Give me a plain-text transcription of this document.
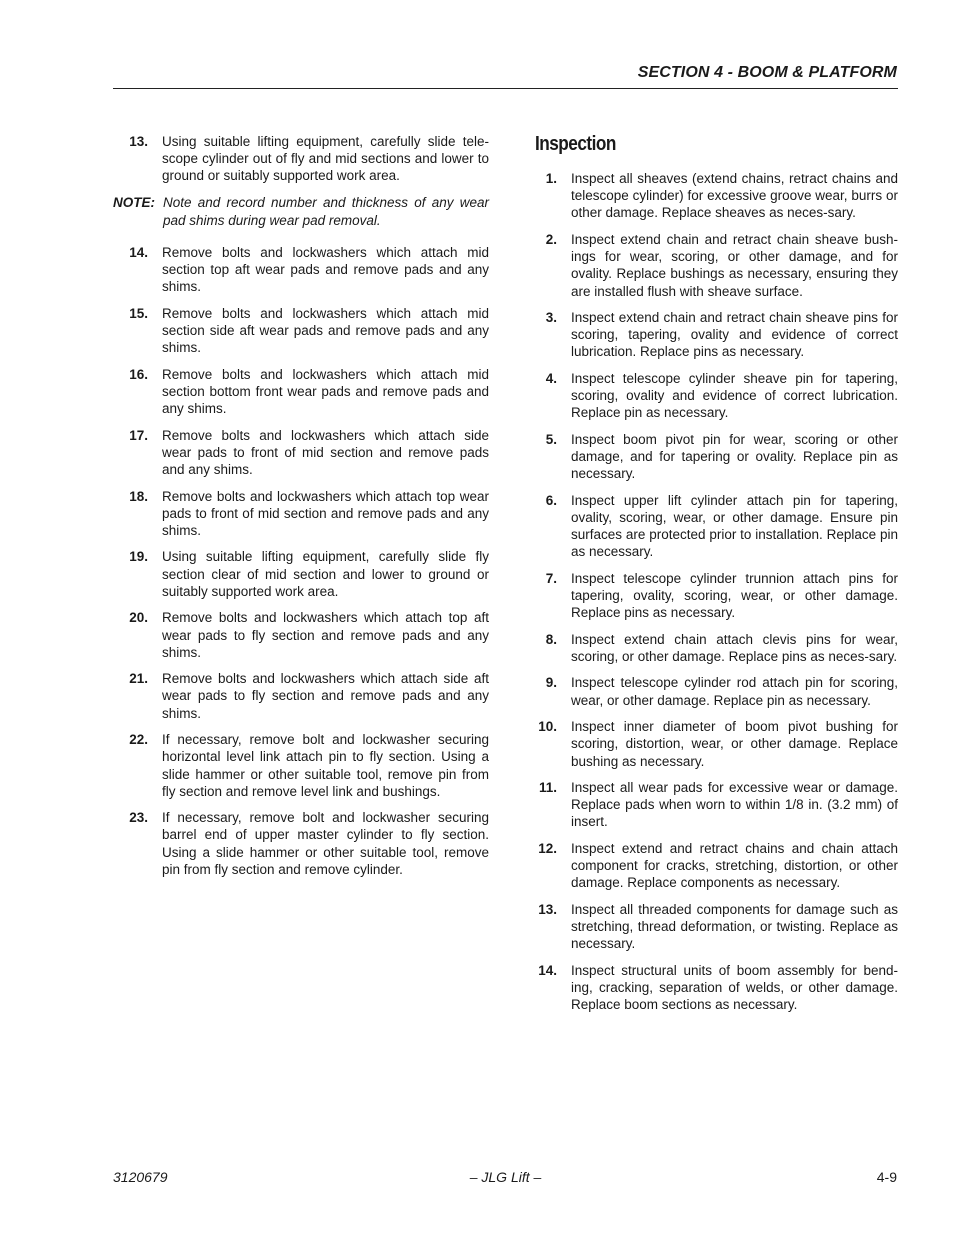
SECTION 4 - BOOM & PLATFORM
13. Using suitable lifting equipment, carefully slide tele-scope cylinder out of fly and mid sections and lower to ground or suitably supported work area.
NOTE: Note and record number and thickness of any wear pad shims during wear pad removal.
14. Remove bolts and lockwashers which attach mid section top aft wear pads and remove pads and any shims.
15. Remove bolts and lockwashers which attach mid section side aft wear pads and remove pads and any shims.
16. Remove bolts and lockwashers which attach mid section bottom front wear pads and remove pads and any shims.
17. Remove bolts and lockwashers which attach side wear pads to front of mid section and remove pads and any shims.
18. Remove bolts and lockwashers which attach top wear pads to front of mid section and remove pads and any shims.
19. Using suitable lifting equipment, carefully slide fly section clear of mid section and lower to ground or suitably supported work area.
20. Remove bolts and lockwashers which attach top aft wear pads to fly section and remove pads and any shims.
21. Remove bolts and lockwashers which attach side aft wear pads to fly section and remove pads and any shims.
22. If necessary, remove bolt and lockwasher securing horizontal level link attach pin to fly section. Using a slide hammer or other suitable tool, remove pin from fly section and remove level link and bushings.
23. If necessary, remove bolt and lockwasher securing barrel end of upper master cylinder to fly section. Using a slide hammer or other suitable tool, remove pin from fly section and remove cylinder.
Inspection
1. Inspect all sheaves (extend chains, retract chains and telescope cylinder) for excessive groove wear, burrs or other damage. Replace sheaves as neces-sary.
2. Inspect extend chain and retract chain sheave bush-ings for wear, scoring, or other damage, and for ovality. Replace bushings as necessary, ensuring they are installed flush with sheave surface.
3. Inspect extend chain and retract chain sheave pins for scoring, tapering, ovality and evidence of correct lubrication. Replace pins as necessary.
4. Inspect telescope cylinder sheave pin for tapering, scoring, ovality and evidence of correct lubrication. Replace pin as necessary.
5. Inspect boom pivot pin for wear, scoring or other damage, and for tapering or ovality. Replace pin as necessary.
6. Inspect upper lift cylinder attach pin for tapering, ovality, scoring, wear, or other damage. Ensure pin surfaces are protected prior to installation. Replace pin as necessary.
7. Inspect telescope cylinder trunnion attach pins for tapering, ovality, scoring, wear, or other damage. Replace pins as necessary.
8. Inspect extend chain attach clevis pins for wear, scoring, or other damage. Replace pins as neces-sary.
9. Inspect telescope cylinder rod attach pin for scoring, wear, or other damage. Replace pin as necessary.
10. Inspect inner diameter of boom pivot bushing for scoring, distortion, wear, or other damage. Replace bushing as necessary.
11. Inspect all wear pads for excessive wear or damage. Replace pads when worn to within 1/8 in. (3.2 mm) of insert.
12. Inspect extend and retract chains and chain attach component for cracks, stretching, distortion, or other damage. Replace components as necessary.
13. Inspect all threaded components for damage such as stretching, thread deformation, or twisting. Replace as necessary.
14. Inspect structural units of boom assembly for bend-ing, cracking, separation of welds, or other damage. Replace boom sections as necessary.
3120679	– JLG Lift –	4-9
